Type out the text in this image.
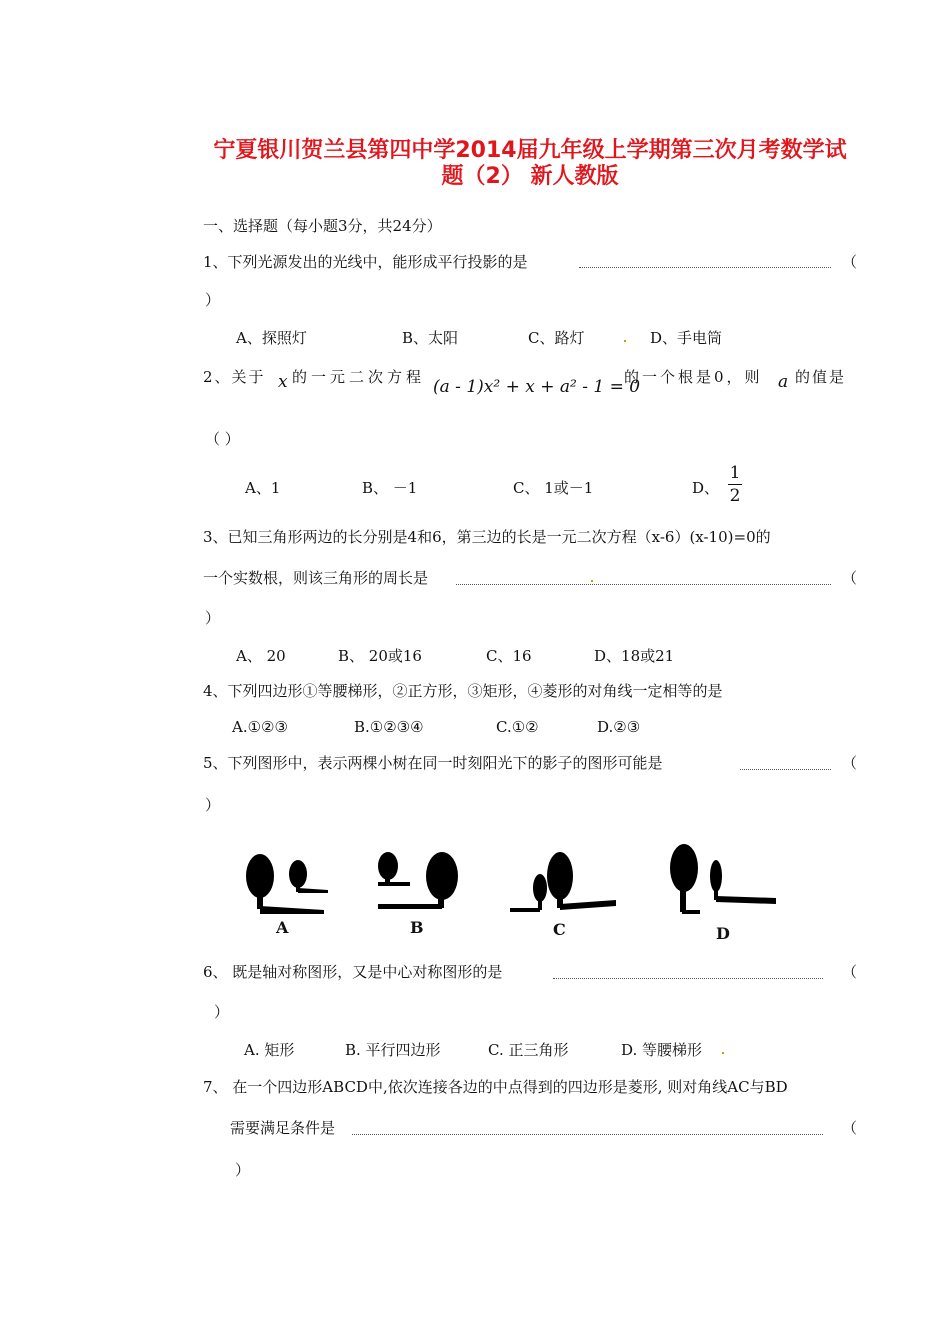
宁夏银川贺兰县第四中学2014届九年级上学期第三次月考数学试
题（2） 新人教版
一、选择题（每小题3分，共24分）
1、下列光源发出的光线中，能形成平行投影的是	（
）
A、探照灯	B、太阳	C、路灯	D、手电筒
2、关于 x 的一元二次方程 (a - 1)x² + x + a² - 1 = 0
的一个根是0，则 a 的值是
（ ）
A、1	B、 －1	C、 1或－1	D、
1
2
3、已知三角形两边的长分别是4和6，第三边的长是一元二次方程（x-6）(x-10)=0的
一个实数根，则该三角形的周长是	（
）
A、 20	B、 20或16	C、16	D、18或21
4、下列四边形①等腰梯形，②正方形，③矩形，④菱形的对角线一定相等的是
A.①②③	B.①②③④	C.①②	D.②③
5、下列图形中，表示两棵小树在同一时刻阳光下的影子的图形可能是	（
）
A	B	C	D
6、 既是轴对称图形，又是中心对称图形的是	（
）
A. 矩形	B. 平行四边形	C. 正三角形	D. 等腰梯形
7、 在一个四边形ABCD中,依次连接各边的中点得到的四边形是菱形, 则对角线AC与BD
需要满足条件是	（
）
